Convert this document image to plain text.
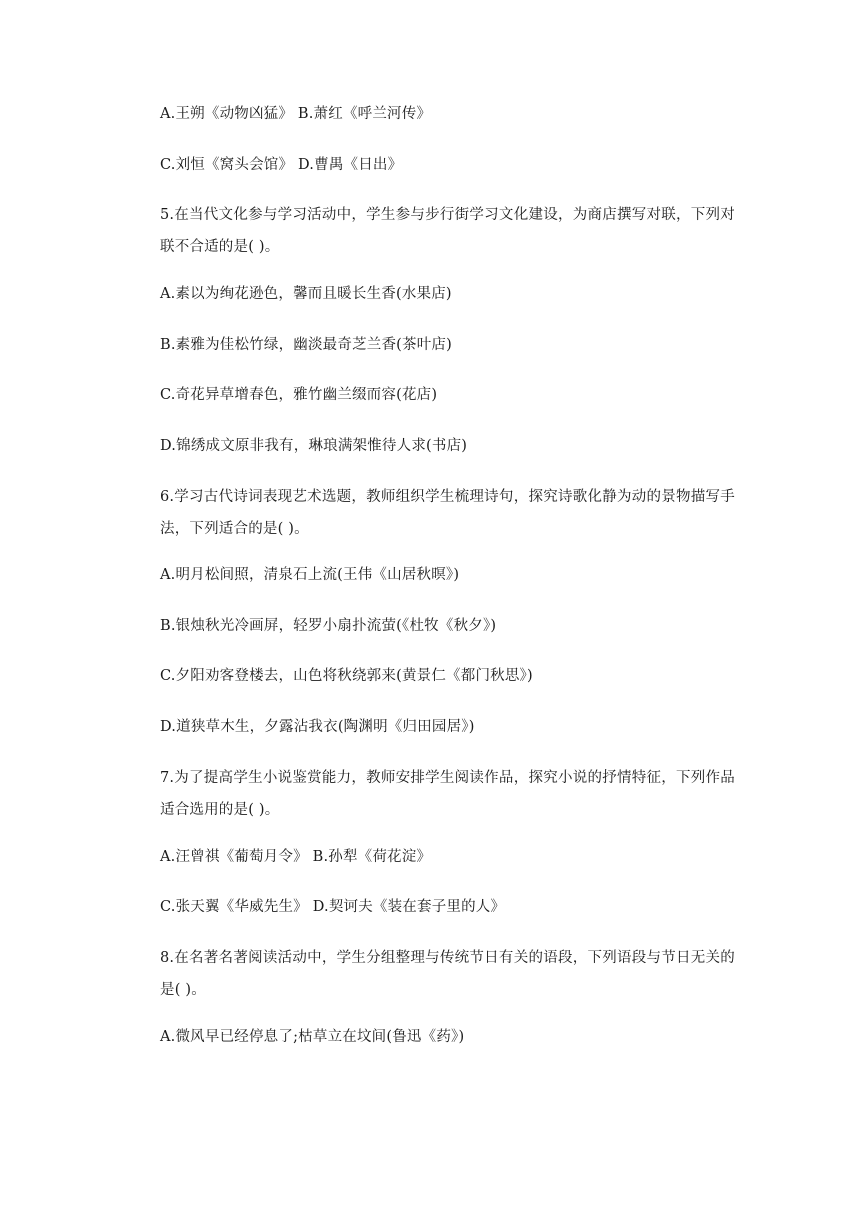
A.王朔《动物凶猛》 B.萧红《呼兰河传》
C.刘恒《窝头会馆》 D.曹禺《日出》
5.在当代文化参与学习活动中，学生参与步行街学习文化建设，为商店撰写对联，下列对联不合适的是( )。
A.素以为绚花逊色，馨而且暖长生香(水果店)
B.素雅为佳松竹绿，幽淡最奇芝兰香(茶叶店)
C.奇花异草增春色，雅竹幽兰缀而容(花店)
D.锦绣成文原非我有，琳琅满架惟待人求(书店)
6.学习古代诗词表现艺术选题，教师组织学生梳理诗句，探究诗歌化静为动的景物描写手法，下列适合的是( )。
A.明月松间照，清泉石上流(王伟《山居秋暝》)
B.银烛秋光冷画屏，轻罗小扇扑流萤(《杜牧《秋夕》)
C.夕阳劝客登楼去，山色将秋绕郭来(黄景仁《都门秋思》)
D.道狭草木生，夕露沾我衣(陶渊明《归田园居》)
7.为了提高学生小说鉴赏能力，教师安排学生阅读作品，探究小说的抒情特征，下列作品适合选用的是( )。
A.汪曾祺《葡萄月令》 B.孙犁《荷花淀》
C.张天翼《华威先生》 D.契诃夫《装在套子里的人》
8.在名著名著阅读活动中，学生分组整理与传统节日有关的语段，下列语段与节日无关的是( )。
A.微风早已经停息了;枯草立在坟间(鲁迅《药》)
